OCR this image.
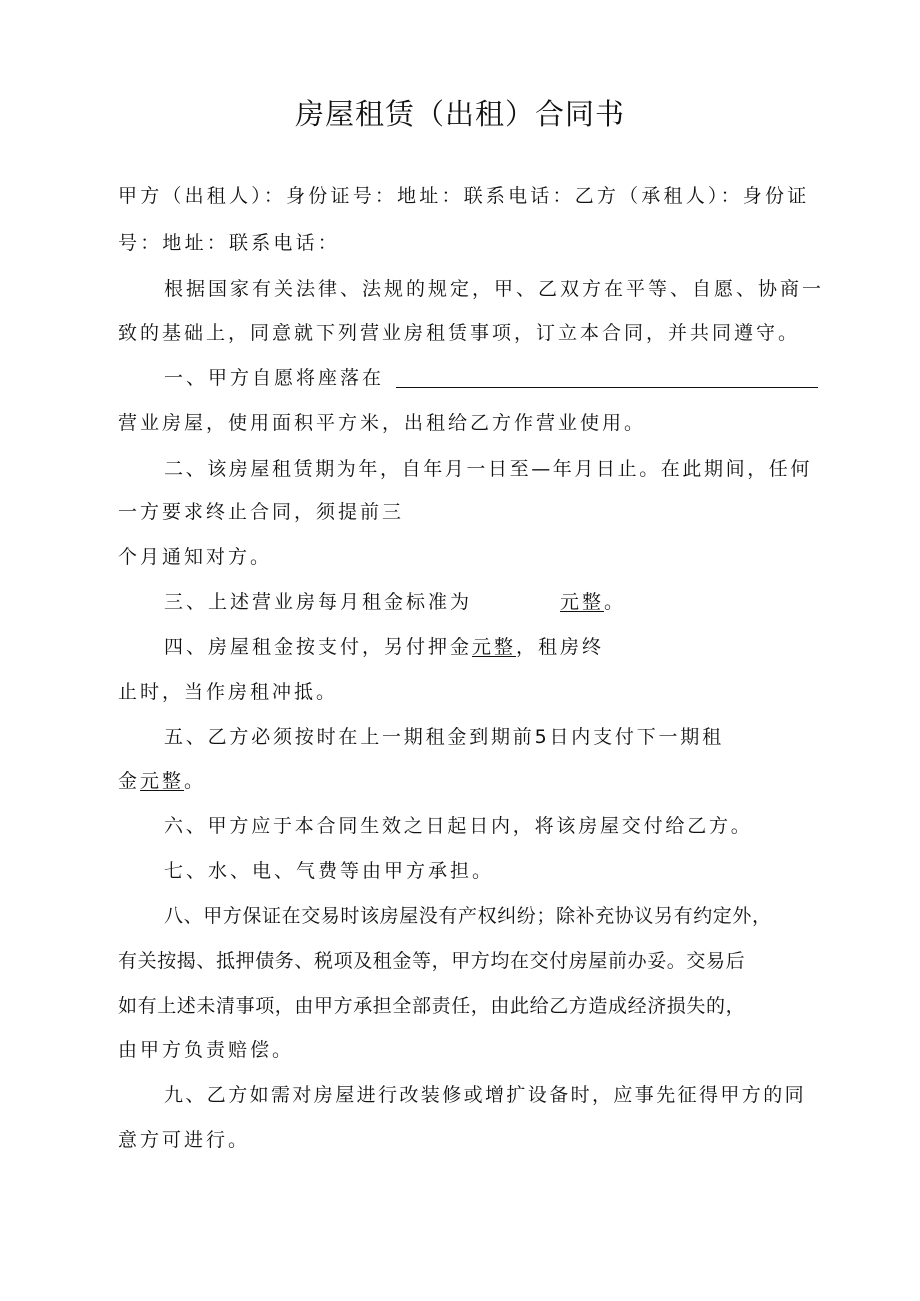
房屋租赁（出租）合同书
甲方（出租人）：身份证号：地址：联系电话：乙方（承租人）：身份证
号：地址：联系电话：
根据国家有关法律、法规的规定，甲、乙双方在平等、自愿、协商一
致的基础上，同意就下列营业房租赁事项，订立本合同，并共同遵守。
一、甲方自愿将座落在
营业房屋，使用面积平方米，出租给乙方作营业使用。
二、该房屋租赁期为年，自年月一日至—年月日止。在此期间，任何
一方要求终止合同，须提前三
个月通知对方。
三、上述营业房每月租金标准为	元整。
四、房屋租金按支付，另付押金元整，租房终
止时，当作房租冲抵。
五、乙方必须按时在上一期租金到期前5日内支付下一期租
金元整。
六、甲方应于本合同生效之日起日内，将该房屋交付给乙方。
七、水、电、气费等由甲方承担。
八、甲方保证在交易时该房屋没有产权纠纷；除补充协议另有约定外，
有关按揭、抵押债务、税项及租金等，甲方均在交付房屋前办妥。交易后
如有上述未清事项，由甲方承担全部责任，由此给乙方造成经济损失的，
由甲方负责赔偿。
九、乙方如需对房屋进行改装修或增扩设备时，应事先征得甲方的同
意方可进行。
